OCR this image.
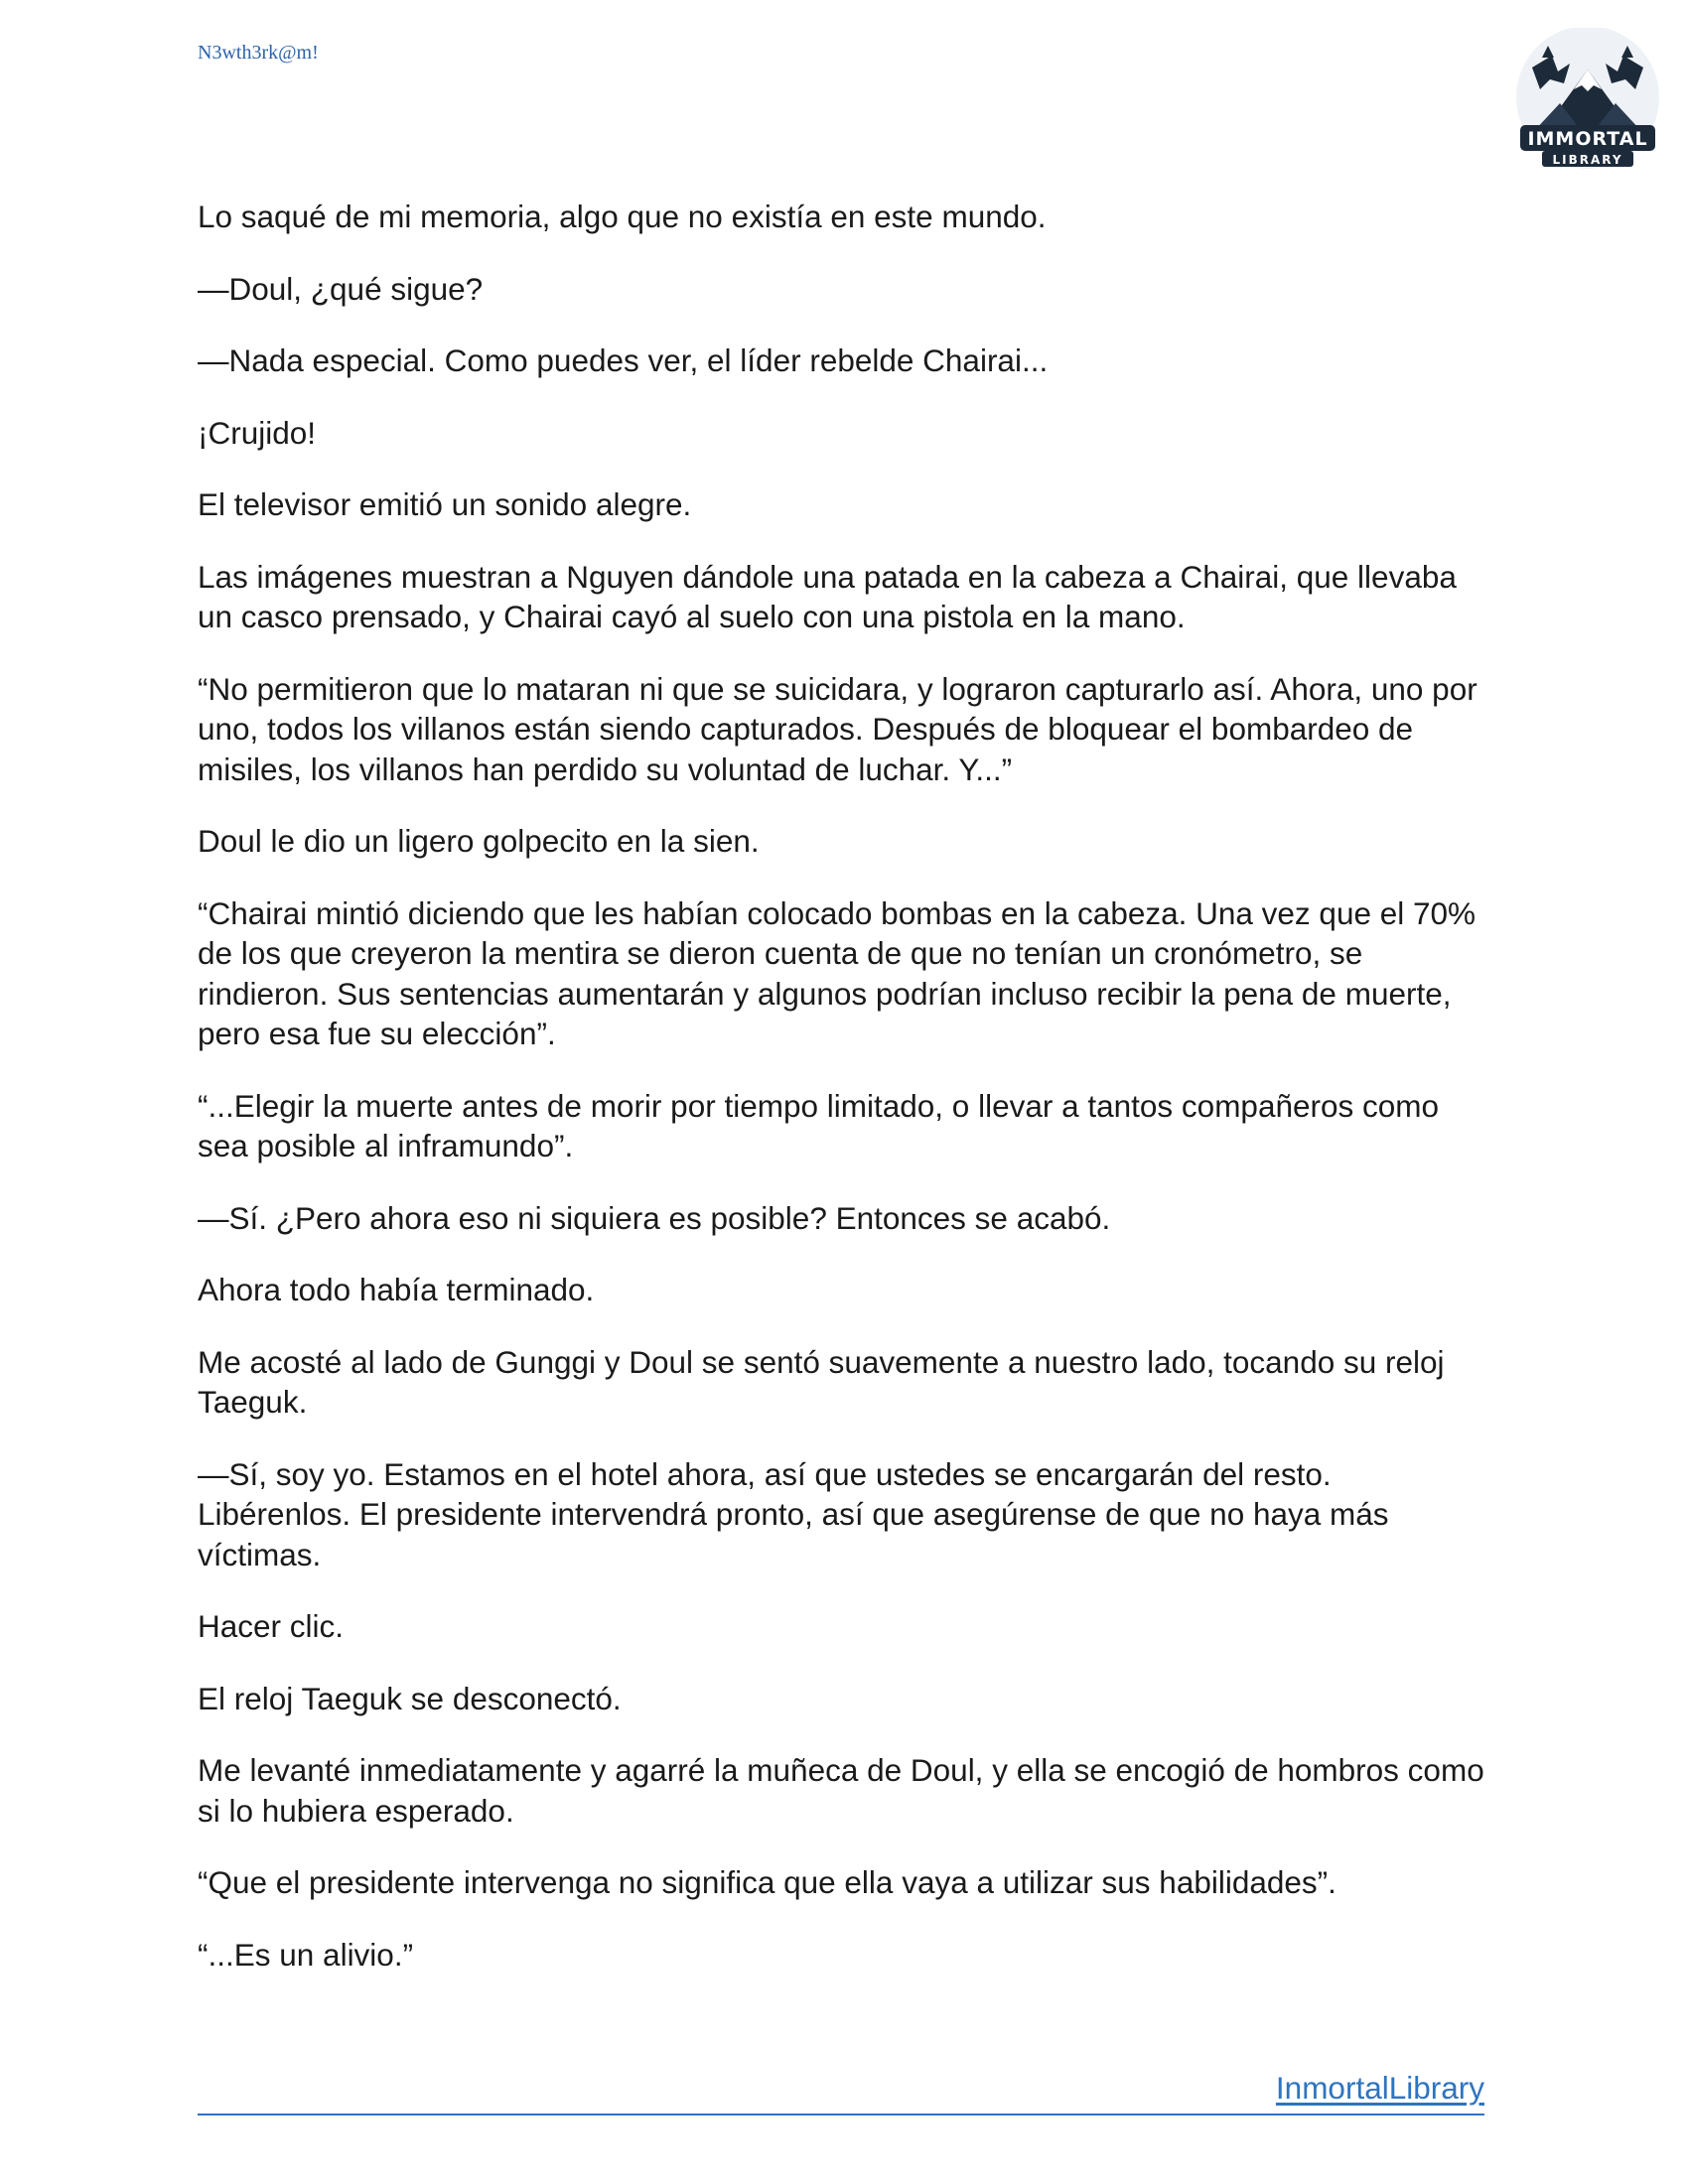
N3wth3rk@m!
IMMORTAL
LIBRARY

Lo saqué de mi memoria, algo que no existía en este mundo.

—Doul, ¿qué sigue?

—Nada especial. Como puedes ver, el líder rebelde Chairai...

¡Crujido!

El televisor emitió un sonido alegre.

Las imágenes muestran a Nguyen dándole una patada en la cabeza a Chairai, que llevaba un casco prensado, y Chairai cayó al suelo con una pistola en la mano.

“No permitieron que lo mataran ni que se suicidara, y lograron capturarlo así. Ahora, uno por uno, todos los villanos están siendo capturados. Después de bloquear el bombardeo de misiles, los villanos han perdido su voluntad de luchar. Y...”

Doul le dio un ligero golpecito en la sien.

“Chairai mintió diciendo que les habían colocado bombas en la cabeza. Una vez que el 70% de los que creyeron la mentira se dieron cuenta de que no tenían un cronómetro, se rindieron. Sus sentencias aumentarán y algunos podrían incluso recibir la pena de muerte, pero esa fue su elección”.

“...Elegir la muerte antes de morir por tiempo limitado, o llevar a tantos compañeros como sea posible al inframundo”.

—Sí. ¿Pero ahora eso ni siquiera es posible? Entonces se acabó.

Ahora todo había terminado.

Me acosté al lado de Gunggi y Doul se sentó suavemente a nuestro lado, tocando su reloj Taeguk.

—Sí, soy yo. Estamos en el hotel ahora, así que ustedes se encargarán del resto. Libérenlos. El presidente intervendrá pronto, así que asegúrense de que no haya más víctimas.

Hacer clic.

El reloj Taeguk se desconectó.

Me levanté inmediatamente y agarré la muñeca de Doul, y ella se encogió de hombros como si lo hubiera esperado.

“Que el presidente intervenga no significa que ella vaya a utilizar sus habilidades”.

“...Es un alivio.”

InmortalLibrary
